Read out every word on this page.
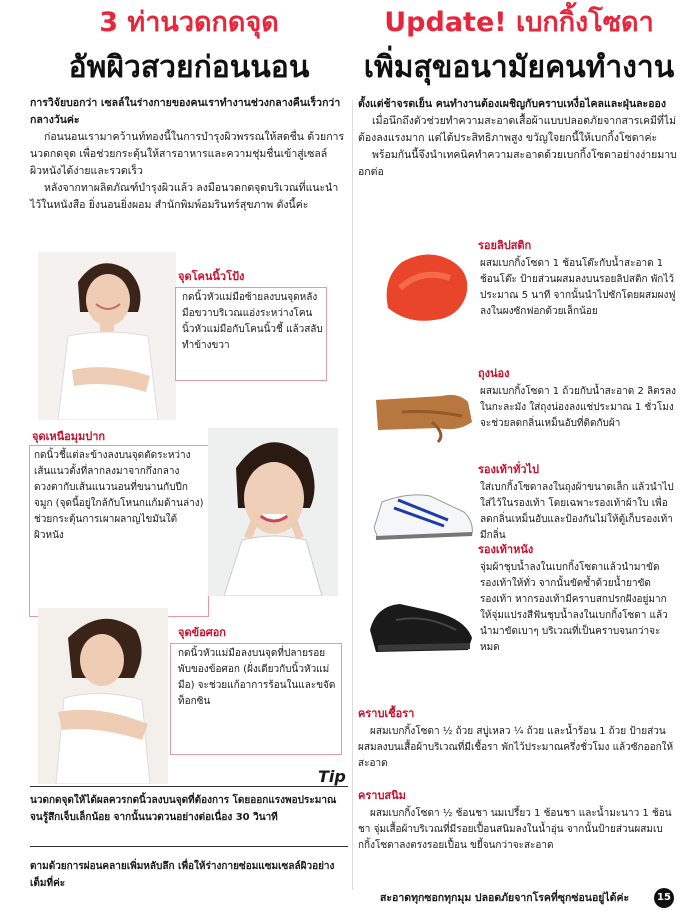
3 ท่านวดกดจุด
อัพผิวสวยก่อนนอน

การวิจัยบอกว่า เซลล์ในร่างกายของคนเราทำงานช่วงกลางคืนเร็วกว่ากลางวันค่ะ

ก่อนนอนเรามาคว้านท์ทองนี้ในการบำรุงผิวพรรณให้สดชื่น ด้วยการนวดกดจุด เพื่อช่วยกระตุ้นให้สารอาหารและความชุ่มชื่นเข้าสู่เซลล์ผิวหนังได้ง่ายและรวดเร็ว

หลังจากทาผลิตภัณฑ์บำรุงผิวแล้ว ลงมือนวดกดจุดบริเวณที่แนะนำไว้ในหนังสือ ยิ่งนอนยิ่งผอม สำนักพิมพ์อมรินทร์สุขภาพ ดังนี้ค่ะ

จุดโคนนิ้วโป้ง
กดนิ้วหัวแม่มือซ้ายลงบนจุดหลังมือขวาบริเวณแอ่งระหว่างโคนนิ้วหัวแม่มือกับโคนนิ้วชี้ แล้วสลับทำข้างขวา
จุดเหนือมุมปาก
กดนิ้วชี้แต่ละข้างลงบนจุดตัดระหว่างเส้นแนวตั้งที่ลากลงมาจากกึ่งกลางดวงตากับเส้นแนวนอนที่ขนานกับปีกจมูก (จุดนี้อยู่ใกล้กับโหนกแก้มด้านล่าง) ช่วยกระตุ้นการเผาผลาญไขมันใต้ผิวหนัง
จุดข้อศอก
กดนิ้วหัวแม่มือลงบนจุดที่ปลายรอยพับของข้อศอก (ฝั่งเดียวกับนิ้วหัวแม่มือ) จะช่วยแก้อาการร้อนในและขจัดท็อกซิน
Tip
นวดกดจุดให้ได้ผลควรกดนิ้วลงบนจุดที่ต้องการ โดยออกแรงพอประมาณจนรู้สึกเจ็บเล็กน้อย จากนั้นนวดวนอย่างต่อเนื่อง 30 วินาที
ตามด้วยการผ่อนคลายเพิ่มหลับลึก เพื่อให้ร่างกายซ่อมแซมเซลล์ผิวอย่างเต็มที่ค่ะ
Update! เบกกิ้งโซดา
เพิ่มสุขอนามัยคนทำงาน

ตั้งแต่ช้าจรดเย็น คนทำงานต้องเผชิญกับคราบเหงื่อไคลและฝุ่นละออง

เมื่อนึกถึงตัวช่วยทำความสะอาดเสื้อผ้าแบบปลอดภัยจากสารเคมีที่ไม่ต้องลงแรงมาก แต่ได้ประสิทธิภาพสูง ขวัญใจยกนี้ให้เบกกิ้งโซดาค่ะ

พร้อมกันนี้จึงนำเทคนิคทำความสะอาดด้วยเบกกิ้งโซดาอย่างง่ายมาบอกต่อ

รอยลิปสติก
ผสมเบกกิ้งโซดา 1 ช้อนโต๊ะกับน้ำสะอาด 1 ช้อนโต๊ะ ป้ายส่วนผสมลงบนรอยลิปสติก พักไว้ประมาณ 5 นาที จากนั้นนำไปซักโดยผสมผงฟูลงในผงซักฟอกด้วยเล็กน้อย
ถุงน่อง
ผสมเบกกิ้งโซดา 1 ถ้วยกับน้ำสะอาด 2 ลิตรลงในกะละมัง ใส่ถุงน่องลงแช่ประมาณ 1 ชั่วโมง จะช่วยลดกลิ่นเหม็นอับที่ติดกับผ้า
รองเท้าทั่วไป
ใส่เบกกิ้งโซดาลงในถุงผ้าขนาดเล็ก แล้วนำไปใส่ไว้ในรองเท้า โดยเฉพาะรองเท้าผ้าใบ เพื่อลดกลิ่นเหม็นอับและป้องกันไม่ให้ตู้เก็บรองเท้ามีกลิ่น
รองเท้าหนัง
จุ่มผ้าชุบน้ำลงในเบกกิ้งโซดาแล้วนำมาขัดรองเท้าให้ทั่ว จากนั้นขัดซ้ำด้วยน้ำยาขัดรองเท้า หากรองเท้ามีคราบสกปรกฝังอยู่มาก ให้จุ่มแปรงสีฟันชุบน้ำลงในเบกกิ้งโซดา แล้วนำมาขัดเบาๆ บริเวณที่เป็นคราบจนกว่าจะหมด
คราบเชื้อรา
ผสมเบกกิ้งโซดา ½ ถ้วย สบู่เหลว ¼ ถ้วย และน้ำร้อน 1 ถ้วย ป้ายส่วนผสมลงบนเสื้อผ้าบริเวณที่มีเชื้อรา พักไว้ประมาณครึ่งชั่วโมง แล้วซักออกให้สะอาด
คราบสนิม
ผสมเบกกิ้งโซดา ½ ช้อนชา นมเปรี้ยว 1 ช้อนชา และน้ำมะนาว 1 ช้อนชา จุ่มเสื้อผ้าบริเวณที่มีรอยเปื้อนสนิมลงในน้ำอุ่น จากนั้นป้ายส่วนผสมเบกกิ้งโซดาลงตรงรอยเปื้อน ขยี้จนกว่าจะสะอาด
สะอาดทุกซอกทุกมุม ปลอดภัยจากโรคที่ซุกซ่อนอยู่ได้ค่ะ	15
